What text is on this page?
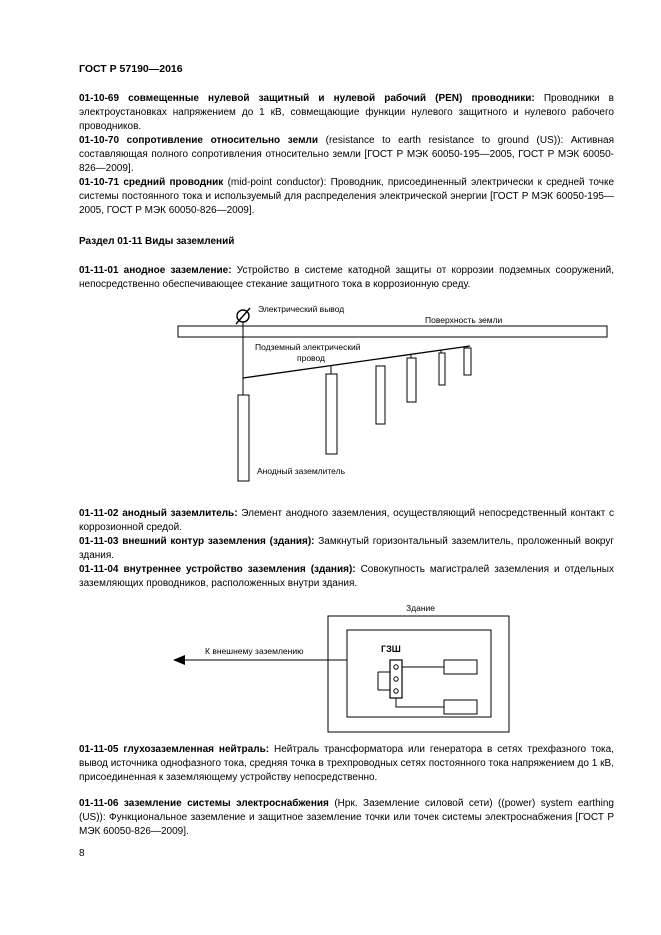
ГОСТ Р 57190—2016
01-10-69 совмещенные нулевой защитный и нулевой рабочий (PEN) проводники: Проводники в электроустановках напряжением до 1 кВ, совмещающие функции нулевого защитного и нулевого рабочего проводников.
01-10-70 сопротивление относительно земли (resistance to earth resistance to ground (US)): Активная составляющая полного сопротивления относительно земли [ГОСТ Р МЭК 60050-195—2005, ГОСТ Р МЭК 60050-826—2009].
01-10-71 средний проводник (mid-point conductor): Проводник, присоединенный электрически к средней точке системы постоянного тока и используемый для распределения электрической энергии [ГОСТ Р МЭК 60050-195—2005, ГОСТ Р МЭК 60050-826—2009].
Раздел 01-11 Виды заземлений
01-11-01 анодное заземление: Устройство в системе катодной защиты от коррозии подземных сооружений, непосредственно обеспечивающее стекание защитного тока в коррозионную среду.
Электрический вывод
Поверхность земли
Подземный электрический
провод
Анодный заземлитель
Здание
К внешнему заземлению	ГЗШ
01-11-02 анодный заземлитель: Элемент анодного заземления, осуществляющий непосредственный контакт с коррозионной средой.
01-11-03 внешний контур заземления (здания): Замкнутый горизонтальный заземлитель, проложенный вокруг здания.
01-11-04 внутреннее устройство заземления (здания): Совокупность магистралей заземления и отдельных заземляющих проводников, расположенных внутри здания.
01-11-05 глухозаземленная нейтраль: Нейтраль трансформатора или генератора в сетях трехфазного тока, вывод источника однофазного тока, средняя точка в трехпроводных сетях постоянного тока напряжением до 1 кВ, присоединенная к заземляющему устройству непосредственно.
01-11-06 заземление системы электроснабжения (Нрк. Заземление силовой сети) ((power) system earthing (US)): Функциональное заземление и защитное заземление точки или точек системы электроснабжения [ГОСТ Р МЭК 60050-826—2009].
8
